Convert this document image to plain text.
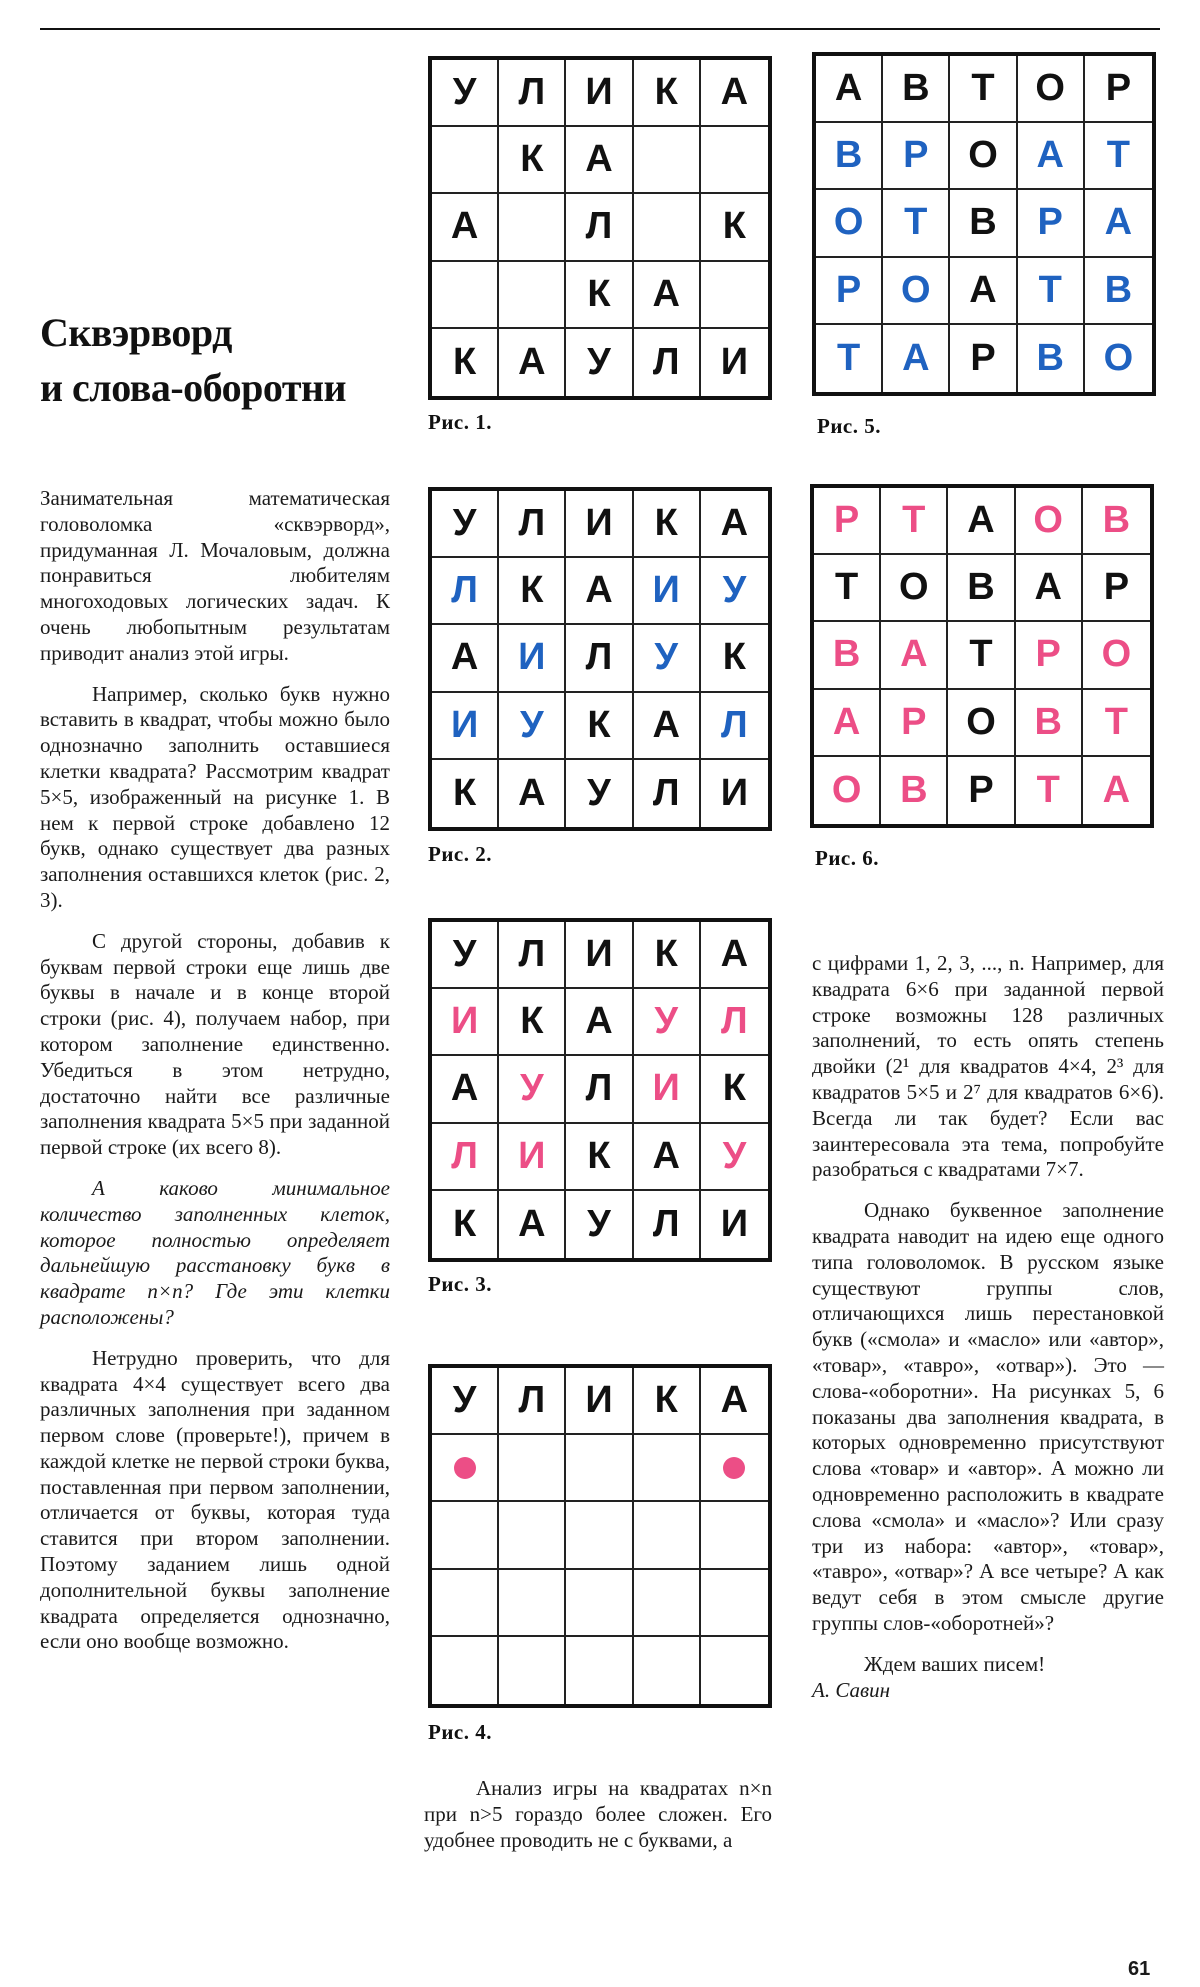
Сквэрворд
и слова-оборотни
У Л И К А
К А
А	Л	К
К А
К А У Л И
Рис. 1.
У Л И К А
Л К А И У
А И Л У К
И У К А Л
К А У Л И
Рис. 2.
У Л И К А
И К А У Л
А У Л И К
Л И К А У
К А У Л И
Рис. 3.
У Л И К А
Рис. 4.
А В Т О Р
В Р О А Т
О Т В Р А
Р О А Т В
Т А Р В О
Рис. 5.
Р Т А О В
Т О В А Р
В А Т Р О
А Р О В Т
О В Р Т А
Рис. 6.

Занимательная математическая головоломка «сквэрворд», придуманная Л. Мочаловым, должна понравиться любителям многоходовых логических задач. К очень любопытным результатам приводит анализ этой игры.

Например, сколько букв нужно вставить в квадрат, чтобы можно было однозначно заполнить оставшиеся клетки квадрата? Рассмотрим квадрат 5×5, изображенный на рисунке 1. В нем к первой строке добавлено 12 букв, однако существует два разных заполнения оставшихся клеток (рис. 2, 3).

С другой стороны, добавив к буквам первой строки еще лишь две буквы в начале и в конце второй строки (рис. 4), получаем набор, при котором заполнение единственно. Убедиться в этом нетрудно, достаточно найти все различные заполнения квадрата 5×5 при заданной первой строке (их всего 8).

А каково минимальное количество заполненных клеток, которое полностью определяет дальнейшую расстановку букв в квадрате n×n? Где эти клетки расположены?

Нетрудно проверить, что для квадрата 4×4 существует всего два различных заполнения при заданном первом слове (проверьте!), причем в каждой клетке не первой строки буква, поставленная при первом заполнении, отличается от буквы, которая туда ставится при втором заполнении. Поэтому заданием лишь одной дополнительной буквы заполнение квадрата определяется однозначно, если оно вообще возможно.

Анализ игры на квадратах n×n при n>5 гораздо более сложен. Его удобнее проводить не с буквами, а

с цифрами 1, 2, 3, ..., n. Например, для квадрата 6×6 при заданной первой строке возможны 128 различных заполнений, то есть опять степень двойки (2¹ для квадратов 4×4, 2³ для квадратов 5×5 и 2⁷ для квадратов 6×6). Всегда ли так будет? Если вас заинтересовала эта тема, попробуйте разобраться с квадратами 7×7.

Однако буквенное заполнение квадрата наводит на идею еще одного типа головоломок. В русском языке существуют группы слов, отличающихся лишь перестановкой букв («смола» и «масло» или «автор», «товар», «тавро», «отвар»). Это — слова-«оборотни». На рисунках 5, 6 показаны два заполнения квадрата, в которых одновременно присутствуют слова «товар» и «автор». А можно ли одновременно расположить в квадрате слова «смола» и «масло»? Или сразу три из набора: «автор», «товар», «тавро», «отвар»? А все четыре? А как ведут себя в этом смысле другие группы слов-«оборотней»?

Ждем ваших писем!

А. Савин

61
